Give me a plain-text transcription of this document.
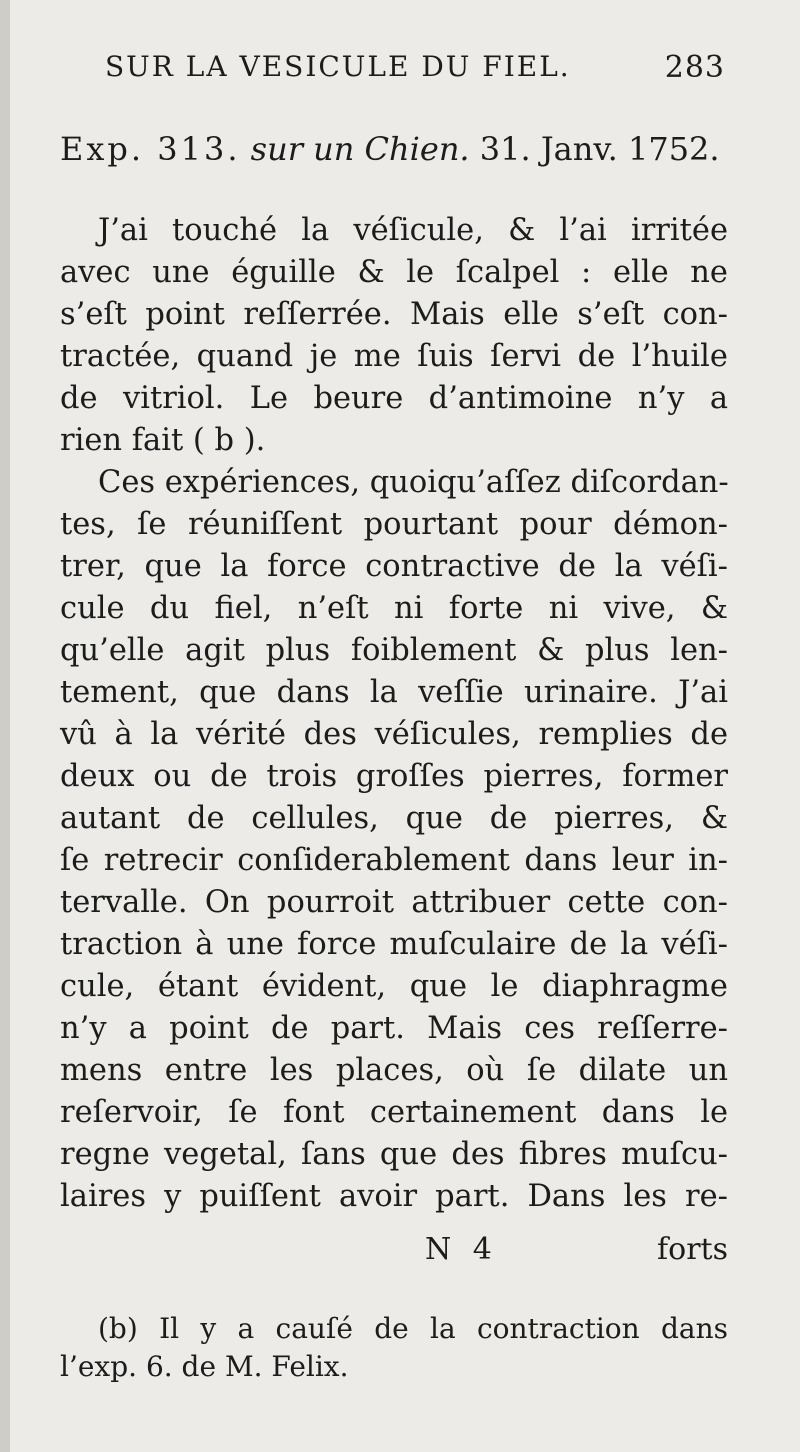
SUR LA VESICULE DU FIEL.	283
Exp. 313. sur un Chien. 31. Janv. 1752.
J’ai touché la véſicule, & l’ai irritée
avec une éguille & le ſcalpel : elle ne
s’eſt point reſſerrée. Mais elle s’eſt con-
tractée, quand je me ſuis ſervi de l’huile
de vitriol. Le beure d’antimoine n’y a
rien fait ( b ).
Ces expériences, quoiqu’aſſez diſcordan-
tes, ſe réuniſſent pourtant pour démon-
trer, que la force contractive de la véſi-
cule du fiel, n’eſt ni forte ni vive, &
qu’elle agit plus foiblement & plus len-
tement, que dans la veſſie urinaire. J’ai
vû à la vérité des véſicules, remplies de
deux ou de trois groſſes pierres, former
autant de cellules, que de pierres, &
ſe retrecir conſiderablement dans leur in-
tervalle. On pourroit attribuer cette con-
traction à une force muſculaire de la véſi-
cule, étant évident, que le diaphragme
n’y a point de part. Mais ces reſſerre-
mens entre les places, où ſe dilate un
reſervoir, ſe font certainement dans le
regne vegetal, ſans que des fibres muſcu-
laires y puiſſent avoir part. Dans les re-
N 4	forts
(b) Il y a cauſé de la contraction dans
l’exp. 6. de M. Felix.
